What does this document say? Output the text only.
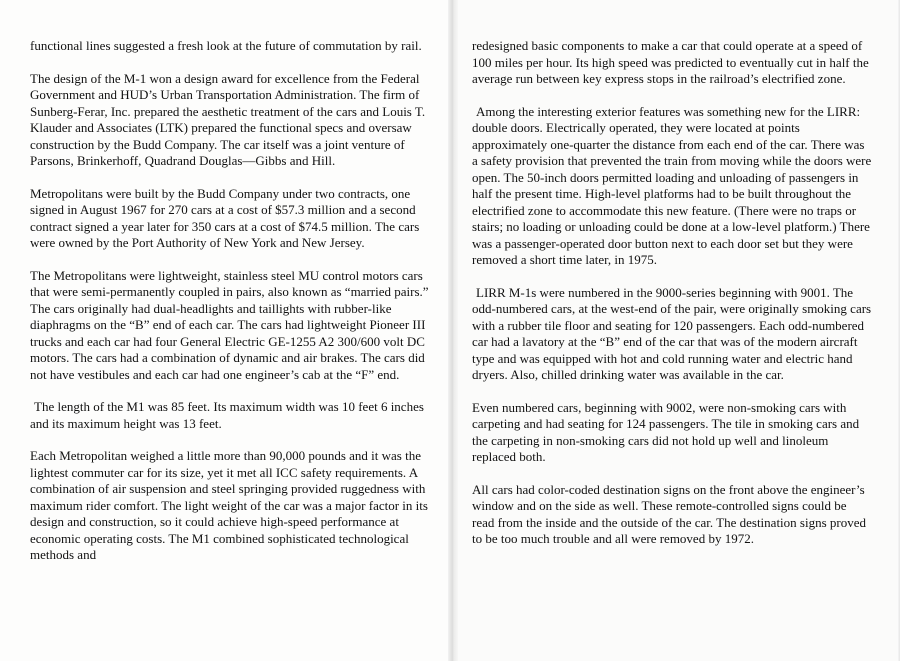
functional lines suggested a fresh look at the future of commutation by rail.

The design of the M-1 won a design award for excellence from the Federal Government and HUD’s Urban Transportation Administration. The firm of Sunberg-Ferar, Inc. prepared the aesthetic treatment of the cars and Louis T. Klauder and Associates (LTK) prepared the functional specs and oversaw construction by the Budd Company. The car itself was a joint venture of Parsons, Brinkerhoff, Quadrand Douglas—Gibbs and Hill.

Metropolitans were built by the Budd Company under two contracts, one signed in August 1967 for 270 cars at a cost of $57.3 million and a second contract signed a year later for 350 cars at a cost of $74.5 million. The cars were owned by the Port Authority of New York and New Jersey.

The Metropolitans were lightweight, stainless steel MU control motors cars that were semi-permanently coupled in pairs, also known as “married pairs.” The cars originally had dual-headlights and taillights with rubber-like diaphragms on the “B” end of each car. The cars had lightweight Pioneer III trucks and each car had four General Electric GE-1255 A2 300/600 volt DC motors. The cars had a combination of dynamic and air brakes. The cars did not have vestibules and each car had one engineer’s cab at the “F” end.

The length of the M1 was 85 feet. Its maximum width was 10 feet 6 inches and its maximum height was 13 feet.

Each Metropolitan weighed a little more than 90,000 pounds and it was the lightest commuter car for its size, yet it met all ICC safety requirements. A combination of air suspension and steel springing provided ruggedness with maximum rider comfort. The light weight of the car was a major factor in its design and construction, so it could achieve high-speed performance at economic operating costs. The M1 combined sophisticated technological methods and

redesigned basic components to make a car that could operate at a speed of 100 miles per hour. Its high speed was predicted to eventually cut in half the average run between key express stops in the railroad’s electrified zone.

Among the interesting exterior features was something new for the LIRR: double doors. Electrically operated, they were located at points approximately one-quarter the distance from each end of the car. There was a safety provision that prevented the train from moving while the doors were open. The 50-inch doors permitted loading and unloading of passengers in half the present time. High-level platforms had to be built throughout the electrified zone to accommodate this new feature. (There were no traps or stairs; no loading or unloading could be done at a low-level platform.) There was a passenger-operated door button next to each door set but they were removed a short time later, in 1975.

LIRR M-1s were numbered in the 9000-series beginning with 9001. The odd-numbered cars, at the west-end of the pair, were originally smoking cars with a rubber tile floor and seating for 120 passengers. Each odd-numbered car had a lavatory at the “B” end of the car that was of the modern aircraft type and was equipped with hot and cold running water and electric hand dryers. Also, chilled drinking water was available in the car.

Even numbered cars, beginning with 9002, were non-smoking cars with carpeting and had seating for 124 passengers. The tile in smoking cars and the carpeting in non-smoking cars did not hold up well and linoleum replaced both.

All cars had color-coded destination signs on the front above the engineer’s window and on the side as well. These remote-controlled signs could be read from the inside and the outside of the car. The destination signs proved to be too much trouble and all were removed by 1972.
